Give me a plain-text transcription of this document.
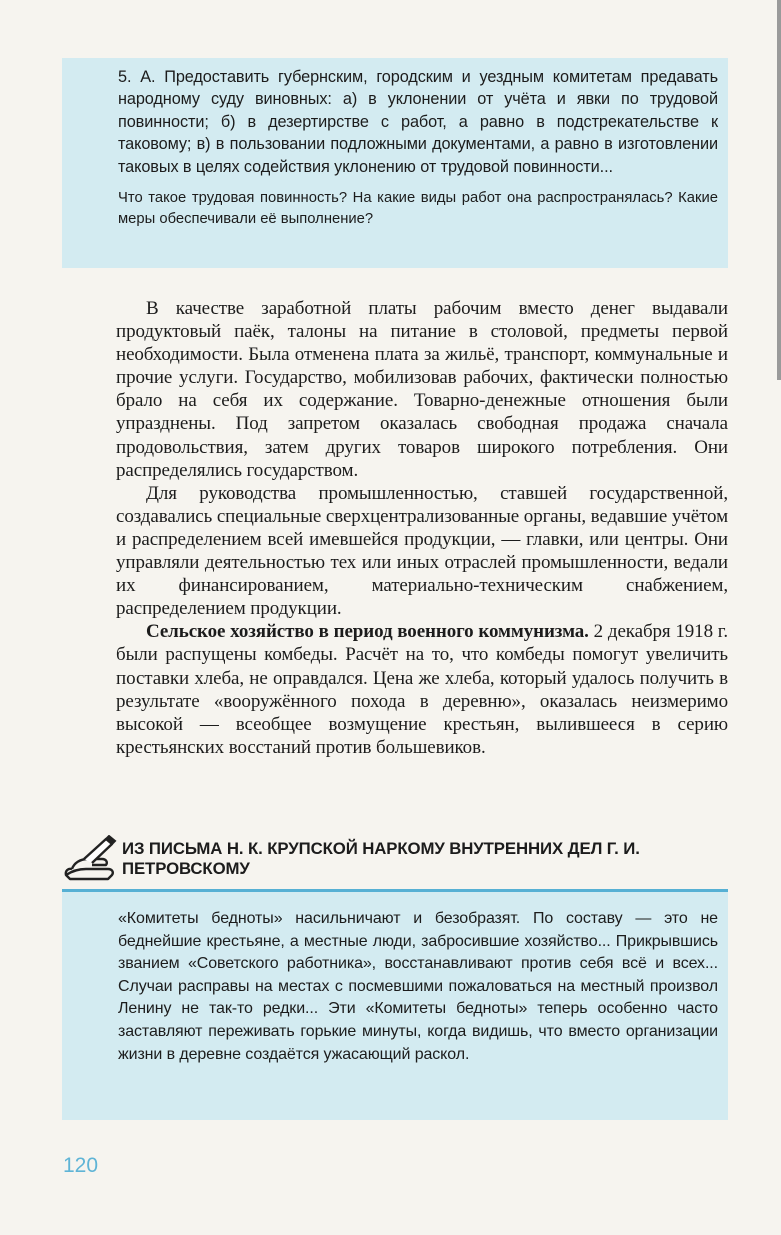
5. А. Предоставить губернским, городским и уездным комитетам предавать народному суду виновных: а) в уклонении от учёта и явки по трудовой повинности; б) в дезертирстве с работ, а равно в подстрекательстве к таковому; в) в пользовании подложными документами, а равно в изготовлении таковых в целях содействия уклонению от трудовой повинности...

Что такое трудовая повинность? На какие виды работ она распространялась? Какие меры обеспечивали её выполнение?

В качестве заработной платы рабочим вместо денег выдавали продуктовый паёк, талоны на питание в столовой, предметы первой необходимости. Была отменена плата за жильё, транспорт, коммунальные и прочие услуги. Государство, мобилизовав рабочих, фактически полностью брало на себя их содержание. Товарно-денежные отношения были упразднены. Под запретом оказалась свободная продажа сначала продовольствия, затем других товаров широкого потребления. Они распределялись государством.

Для руководства промышленностью, ставшей государственной, создавались специальные сверхцентрализованные органы, ведавшие учётом и распределением всей имевшейся продукции, — главки, или центры. Они управляли деятельностью тех или иных отраслей промышленности, ведали их финансированием, материально-техническим снабжением, распределением продукции.

Сельское хозяйство в период военного коммунизма. 2 декабря 1918 г. были распущены комбеды. Расчёт на то, что комбеды помогут увеличить поставки хлеба, не оправдался. Цена же хлеба, который удалось получить в результате «вооружённого похода в деревню», оказалась неизмеримо высокой — всеобщее возмущение крестьян, вылившееся в серию крестьянских восстаний против большевиков.

ИЗ ПИСЬМА Н. К. КРУПСКОЙ НАРКОМУ ВНУТРЕННИХ ДЕЛ Г. И. ПЕТРОВСКОМУ

«Комитеты бедноты» насильничают и безобразят. По составу — это не беднейшие крестьяне, а местные люди, забросившие хозяйство... Прикрывшись званием «Советского работника», восстанавливают против себя всё и всех... Случаи расправы на местах с посмевшими пожаловаться на местный произвол Ленину не так-то редки... Эти «Комитеты бедноты» теперь особенно часто заставляют переживать горькие минуты, когда видишь, что вместо организации жизни в деревне создаётся ужасающий раскол.

120
